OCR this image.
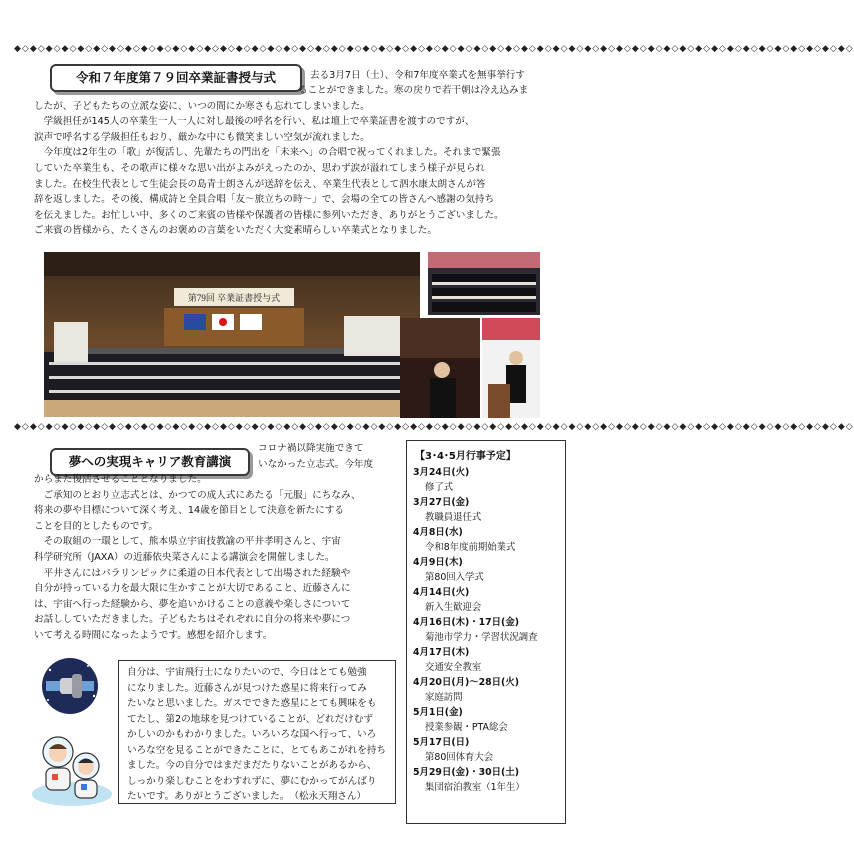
◆◇◆◇◆◇◆◇◆◇◆◇◆◇◆◇◆◇◆◇◆◇◆◇◆◇◆◇◆◇◆◇◆◇◆◇◆◇◆◇◆◇◆◇◆◇◆◇◆◇◆◇◆◇◆◇◆◇◆◇◆◇◆◇◆◇◆◇◆◇◆◇◆◇◆◇◆◇◆◇◆◇◆◇◆◇◆◇◆◇◆◇◆◇◆◇◆◇◆◇◆◇◆◇◆◇
令和７年度第７９回卒業証書授与式	去る3月7日（土）、令和7年度卒業式を無事挙行す

ることができました。寒の戻りで若干朝は冷え込みま
したが、子どもたちの立派な姿に、いつの間にか寒さも忘れてしまいました。
　学級担任が145人の卒業生一人一人に対し最後の呼名を行い、私は壇上で卒業証書を渡すのですが、
涙声で呼名する学級担任もおり、厳かな中にも微笑ましい空気が流れました。
　今年度は2年生の「歌」が復活し、先輩たちの門出を「未来へ」の合唱で祝ってくれました。それまで緊張
していた卒業生も、その歌声に様々な思い出がよみがえったのか、思わず涙が溢れてしまう様子が見られ
ました。在校生代表として生徒会長の島青士朗さんが送辞を伝え、卒業生代表として泗水康太朗さんが答
辞を返しました。その後、構成詩と全員合唱「友～旅立ちの時～」で、会場の全ての皆さんへ感謝の気持ち
を伝えました。お忙しい中、多くのご来賓の皆様や保護者の皆様に参列いただき、ありがとうございました。
ご来賓の皆様から、たくさんのお褒めの言葉をいただく大変素晴らしい卒業式となりました。
第79回 卒業証書授与式
◆◇◆◇◆◇◆◇◆◇◆◇◆◇◆◇◆◇◆◇◆◇◆◇◆◇◆◇◆◇◆◇◆◇◆◇◆◇◆◇◆◇◆◇◆◇◆◇◆◇◆◇◆◇◆◇◆◇◆◇◆◇◆◇◆◇◆◇◆◇◆◇◆◇◆◇◆◇◆◇◆◇◆◇◆◇◆◇◆◇◆◇◆◇◆◇◆◇◆◇◆◇◆◇◆◇
夢への実現キャリア教育講演
コロナ禍以降実施できて
いなかった立志式。今年度
からまた復活させることとなりました。
　ご承知のとおり立志式とは、かつての成人式にあたる「元服」にちなみ、
将来の夢や目標について深く考え、14歳を節目として決意を新たにする
ことを目的としたものです。
　その取組の一環として、熊本県立宇宙技教諭の平井孝明さんと、宇宙
科学研究所（JAXA）の近藤依央菜さんによる講演会を開催しました。
　平井さんにはパラリンピックに柔道の日本代表として出場された経験や
自分が持っている力を最大限に生かすことが大切であること、近藤さんに
は、宇宙へ行った経験から、夢を追いかけることの意義や楽しさについて
お話ししていただきました。子どもたちはそれぞれに自分の将来や夢につ
いて考える時間になったようです。感想を紹介します。
自分は、宇宙飛行士になりたいので、今日はとても勉強
になりました。近藤さんが見つけた惑星に将来行ってみ
たいなと思いました。ガスでできた惑星にとても興味をも
てたし、第2の地球を見つけていることが、どれだけむず
かしいのかもわかりました。いろいろな国へ行って、いろ
いろな空を見ることができたことに、とてもあこがれを持ち
ました。今の自分ではまだまだたりないことがあるから、
しっかり楽しむことをわすれずに、夢にむかってがんばり
たいです。ありがとうございました。　（松永天翔さん）
【3･4･5月行事予定】
3月24日(火)
修了式
3月27日(金)
教職員退任式
4月8日(水)
令和8年度前期始業式
4月9日(木)
第80回入学式
4月14日(火)
新入生歓迎会
4月16日(木)・17日(金)
菊池市学力・学習状況調査
4月17日(木)
交通安全教室
4月20日(月)～28日(火)
家庭訪問
5月1日(金)
授業参観・PTA総会
5月17日(日)
第80回体育大会
5月29日(金)・30日(土)
集団宿泊教室（1年生）
